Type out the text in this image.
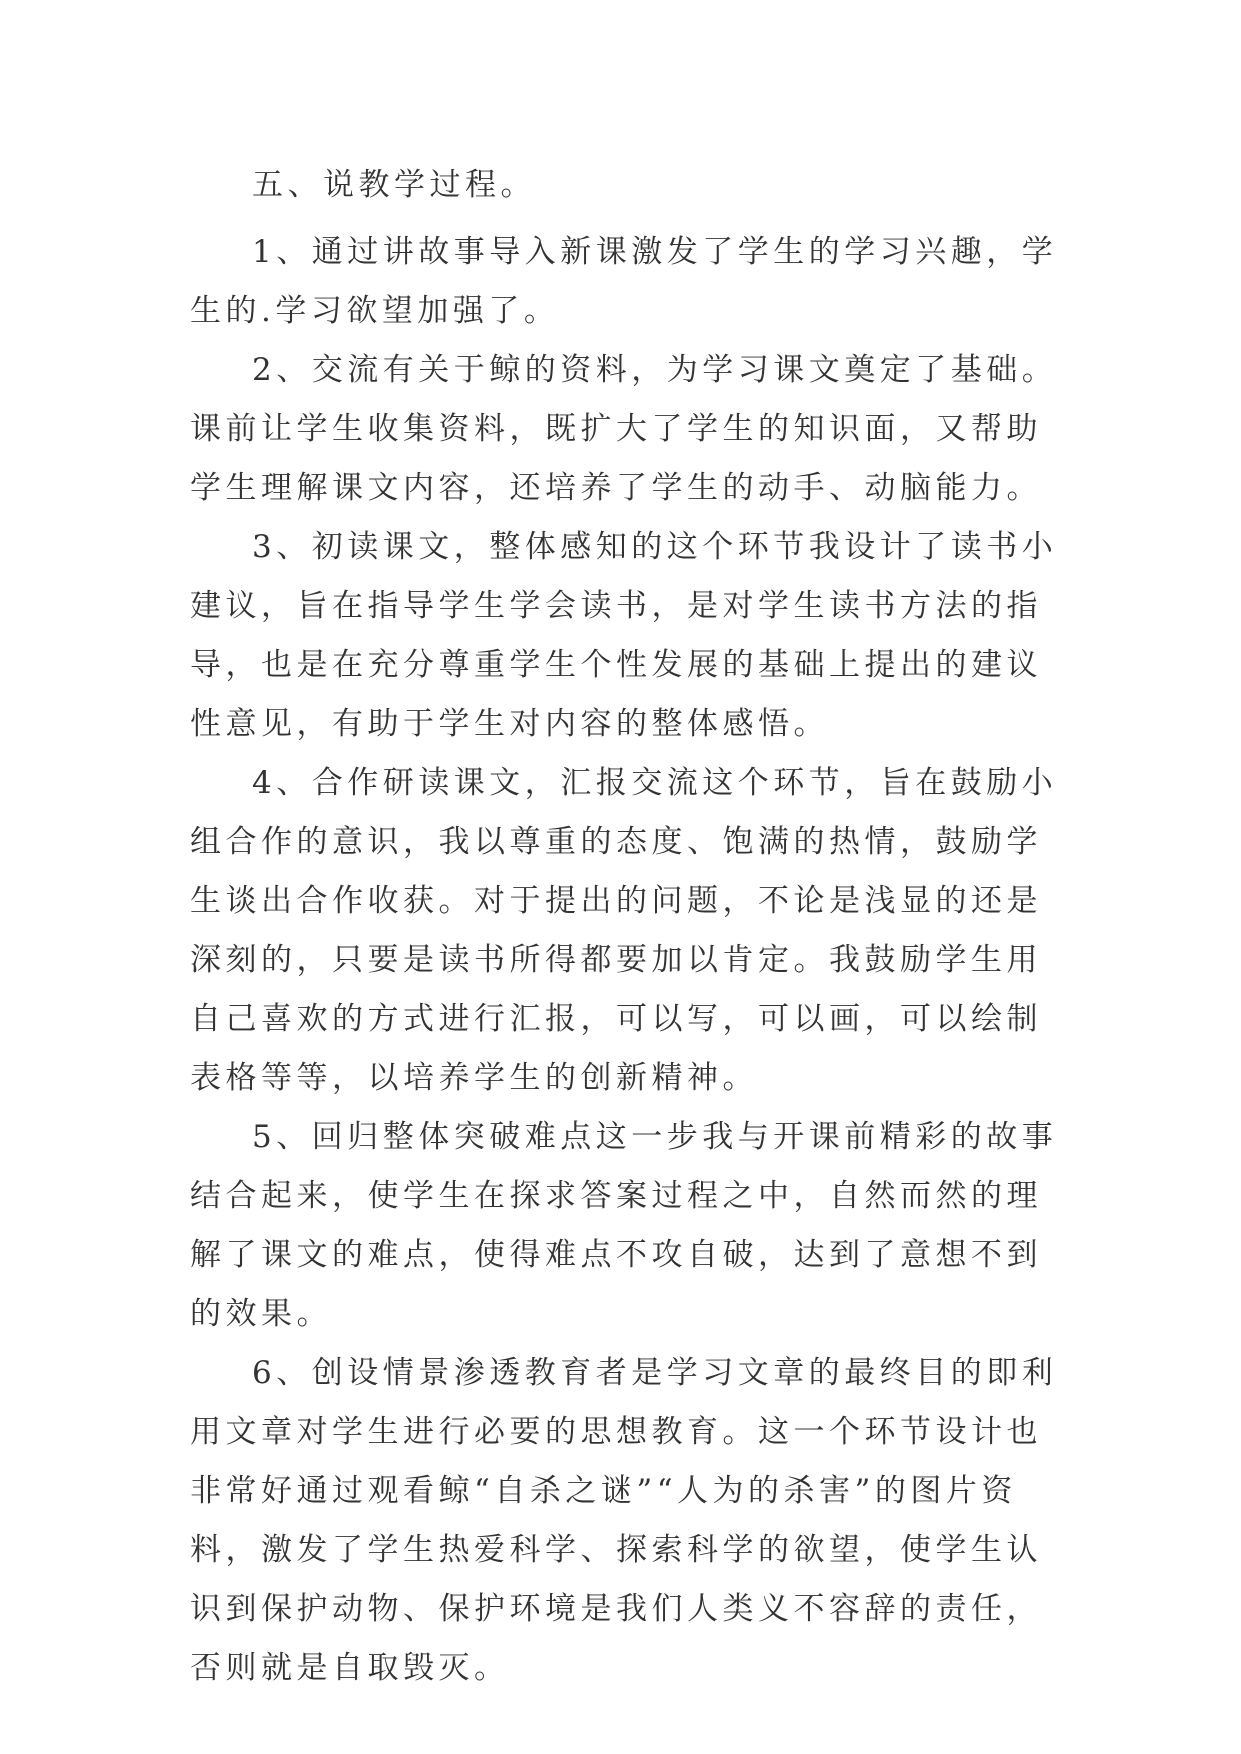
五、说教学过程。

1、通过讲故事导入新课激发了学生的学习兴趣，学生的.学习欲望加强了。

2、交流有关于鲸的资料，为学习课文奠定了基础。课前让学生收集资料，既扩大了学生的知识面，又帮助学生理解课文内容，还培养了学生的动手、动脑能力。

3、初读课文，整体感知的这个环节我设计了读书小建议，旨在指导学生学会读书，是对学生读书方法的指导，也是在充分尊重学生个性发展的基础上提出的建议性意见，有助于学生对内容的整体感悟。

4、合作研读课文，汇报交流这个环节，旨在鼓励小组合作的意识，我以尊重的态度、饱满的热情，鼓励学生谈出合作收获。对于提出的问题，不论是浅显的还是深刻的，只要是读书所得都要加以肯定。我鼓励学生用自己喜欢的方式进行汇报，可以写，可以画，可以绘制表格等等，以培养学生的创新精神。

5、回归整体突破难点这一步我与开课前精彩的故事结合起来，使学生在探求答案过程之中，自然而然的理解了课文的难点，使得难点不攻自破，达到了意想不到的效果。

6、创设情景渗透教育者是学习文章的最终目的即利用文章对学生进行必要的思想教育。这一个环节设计也非常好通过观看鲸“自杀之谜”“人为的杀害”的图片资料，激发了学生热爱科学、探索科学的欲望，使学生认识到保护动物、保护环境是我们人类义不容辞的责任，否则就是自取毁灭。
